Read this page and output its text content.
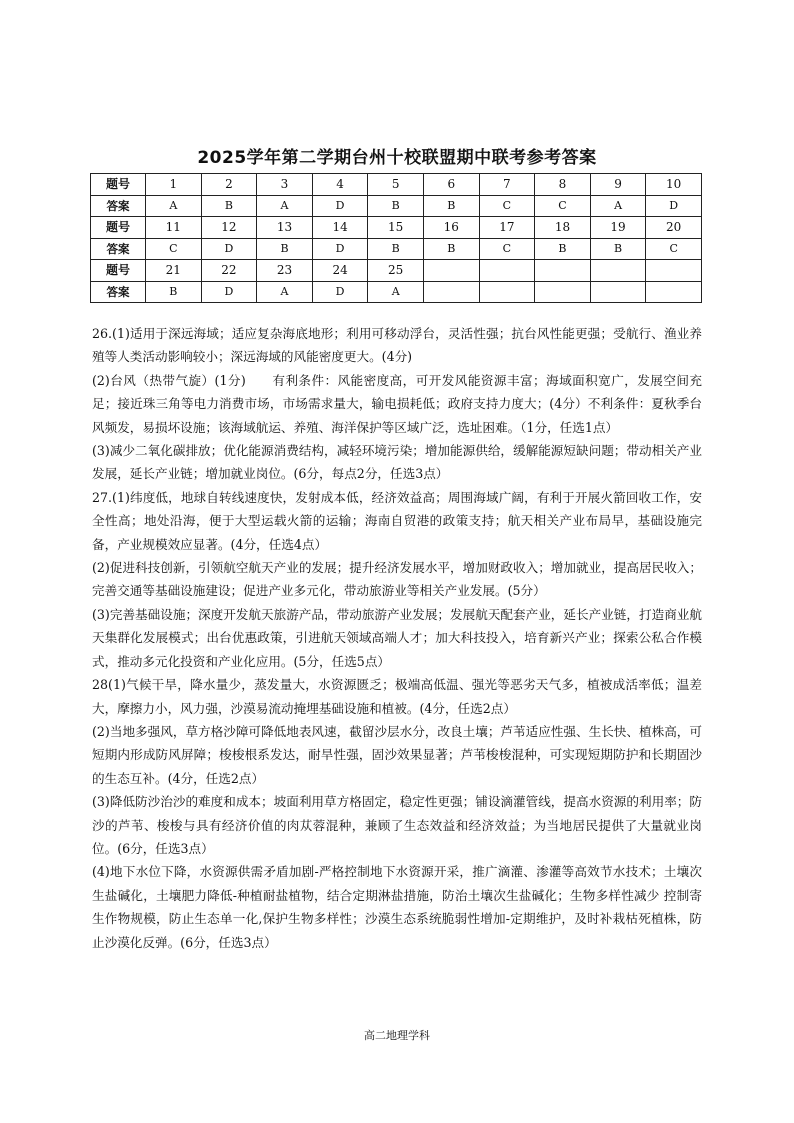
2025学年第二学期台州十校联盟期中联考参考答案
题号	1	2	3	4	5	6	7	8	9	10
答案	A	B	A	D	B	B	C	C	A	D
题号	11	12	13	14	15	16	17	18	19	20
答案	C	D	B	D	B	B	C	B	B	C
题号	21	22	23	24	25					
答案	B	D	A	D	A					

26.(1)适用于深远海域；适应复杂海底地形；利用可移动浮台，灵活性强；抗台风性能更强；受航行、渔业养殖等人类活动影响较小；深远海域的风能密度更大。(4分)

(2)台风（热带气旋）(1分)　　有利条件：风能密度高，可开发风能资源丰富；海域面积宽广，发展空间充足；接近珠三角等电力消费市场，市场需求量大，输电损耗低；政府支持力度大；(4分）不利条件：夏秋季台风频发，易损坏设施；该海域航运、养殖、海洋保护等区域广泛，选址困难。（1分，任选1点）

(3)减少二氧化碳排放；优化能源消费结构，减轻环境污染；增加能源供给，缓解能源短缺问题；带动相关产业发展，延长产业链；增加就业岗位。(6分，每点2分，任选3点）

27.(1)纬度低，地球自转线速度快，发射成本低，经济效益高；周围海域广阔，有利于开展火箭回收工作，安全性高；地处沿海，便于大型运载火箭的运输；海南自贸港的政策支持；航天相关产业布局早，基础设施完备，产业规模效应显著。(4分，任选4点）

(2)促进科技创新，引领航空航天产业的发展；提升经济发展水平，增加财政收入；增加就业，提高居民收入；完善交通等基础设施建设；促进产业多元化，带动旅游业等相关产业发展。(5分）

(3)完善基础设施；深度开发航天旅游产品，带动旅游产业发展；发展航天配套产业，延长产业链，打造商业航天集群化发展模式；出台优惠政策，引进航天领域高端人才；加大科技投入，培育新兴产业；探索公私合作模式，推动多元化投资和产业化应用。(5分，任选5点）

28(1)气候干旱，降水量少，蒸发量大，水资源匮乏；极端高低温、强光等恶劣天气多，植被成活率低；温差大，摩擦力小，风力强，沙漠易流动掩埋基础设施和植被。(4分，任选2点）

(2)当地多强风，草方格沙障可降低地表风速，截留沙层水分，改良土壤；芦苇适应性强、生长快、植株高，可短期内形成防风屏障；梭梭根系发达，耐旱性强，固沙效果显著；芦苇梭梭混种，可实现短期防护和长期固沙的生态互补。(4分，任选2点）

(3)降低防沙治沙的难度和成本；坡面利用草方格固定，稳定性更强；铺设滴灌管线，提高水资源的利用率；防沙的芦苇、梭梭与具有经济价值的肉苁蓉混种，兼顾了生态效益和经济效益；为当地居民提供了大量就业岗位。(6分，任选3点）

(4)地下水位下降，水资源供需矛盾加剧-严格控制地下水资源开采，推广滴灌、渗灌等高效节水技术；土壤次生盐碱化，土壤肥力降低-种植耐盐植物，结合定期淋盐措施，防治土壤次生盐碱化；生物多样性减少 控制寄生作物规模，防止生态单一化,保护生物多样性；沙漠生态系统脆弱性增加-定期维护，及时补栽枯死植株，防止沙漠化反弹。(6分，任选3点）

高二地理学科
